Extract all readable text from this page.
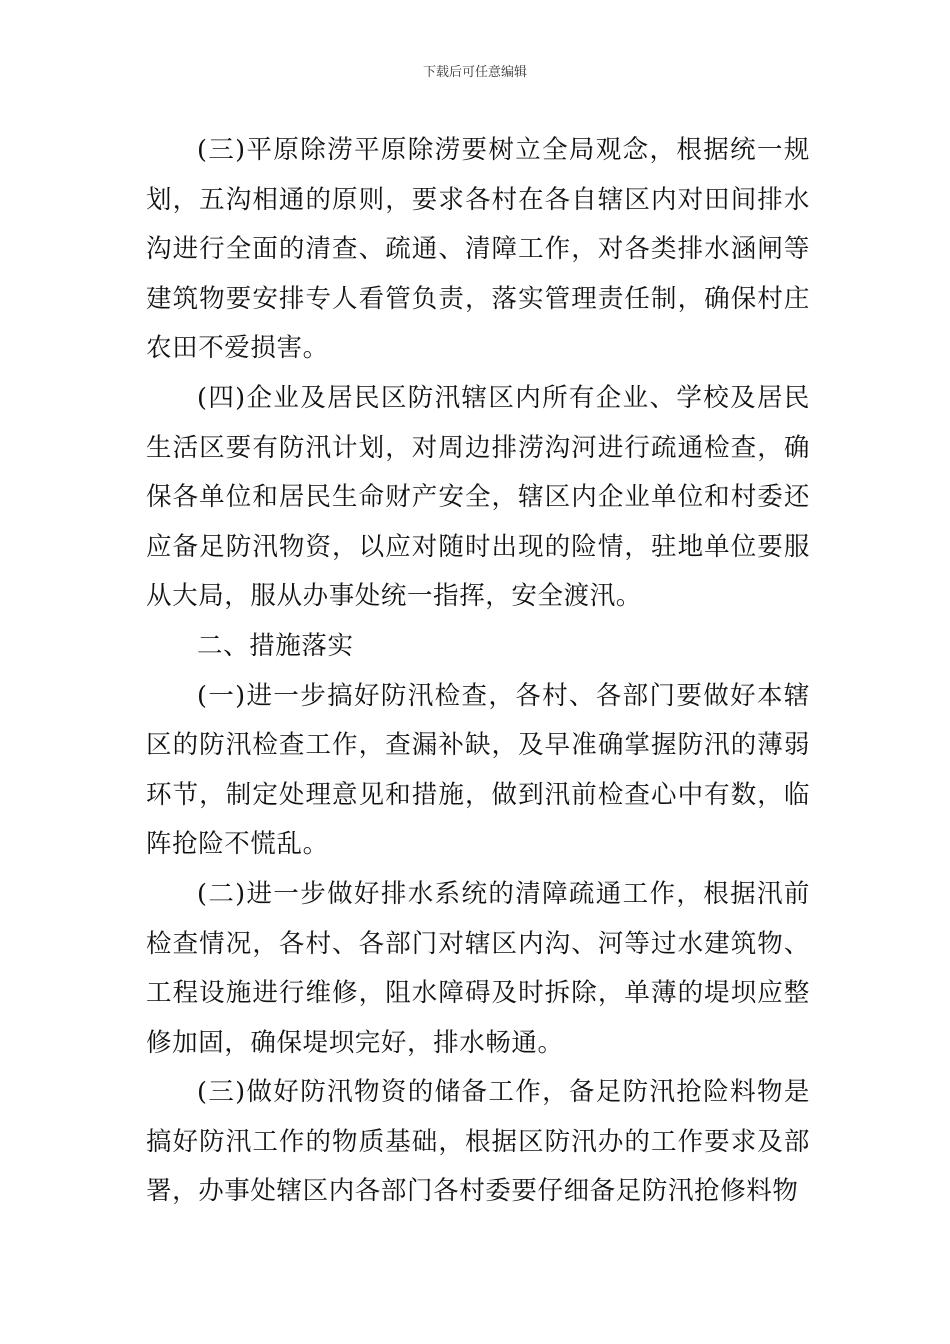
下载后可任意编辑

(三)平原除涝平原除涝要树立全局观念，根据统一规划，五沟相通的原则，要求各村在各自辖区内对田间排水沟进行全面的清查、疏通、清障工作，对各类排水涵闸等建筑物要安排专人看管负责，落实管理责任制，确保村庄农田不爱损害。

(四)企业及居民区防汛辖区内所有企业、学校及居民生活区要有防汛计划，对周边排涝沟河进行疏通检查，确保各单位和居民生命财产安全，辖区内企业单位和村委还应备足防汛物资，以应对随时出现的险情，驻地单位要服从大局，服从办事处统一指挥，安全渡汛。

二、措施落实

(一)进一步搞好防汛检查，各村、各部门要做好本辖区的防汛检查工作，查漏补缺，及早准确掌握防汛的薄弱环节，制定处理意见和措施，做到汛前检查心中有数，临阵抢险不慌乱。

(二)进一步做好排水系统的清障疏通工作，根据汛前检查情况，各村、各部门对辖区内沟、河等过水建筑物、工程设施进行维修，阻水障碍及时拆除，单薄的堤坝应整修加固，确保堤坝完好，排水畅通。

(三)做好防汛物资的储备工作，备足防汛抢险料物是搞好防汛工作的物质基础，根据区防汛办的工作要求及部署，办事处辖区内各部门各村委要仔细备足防汛抢修料物
